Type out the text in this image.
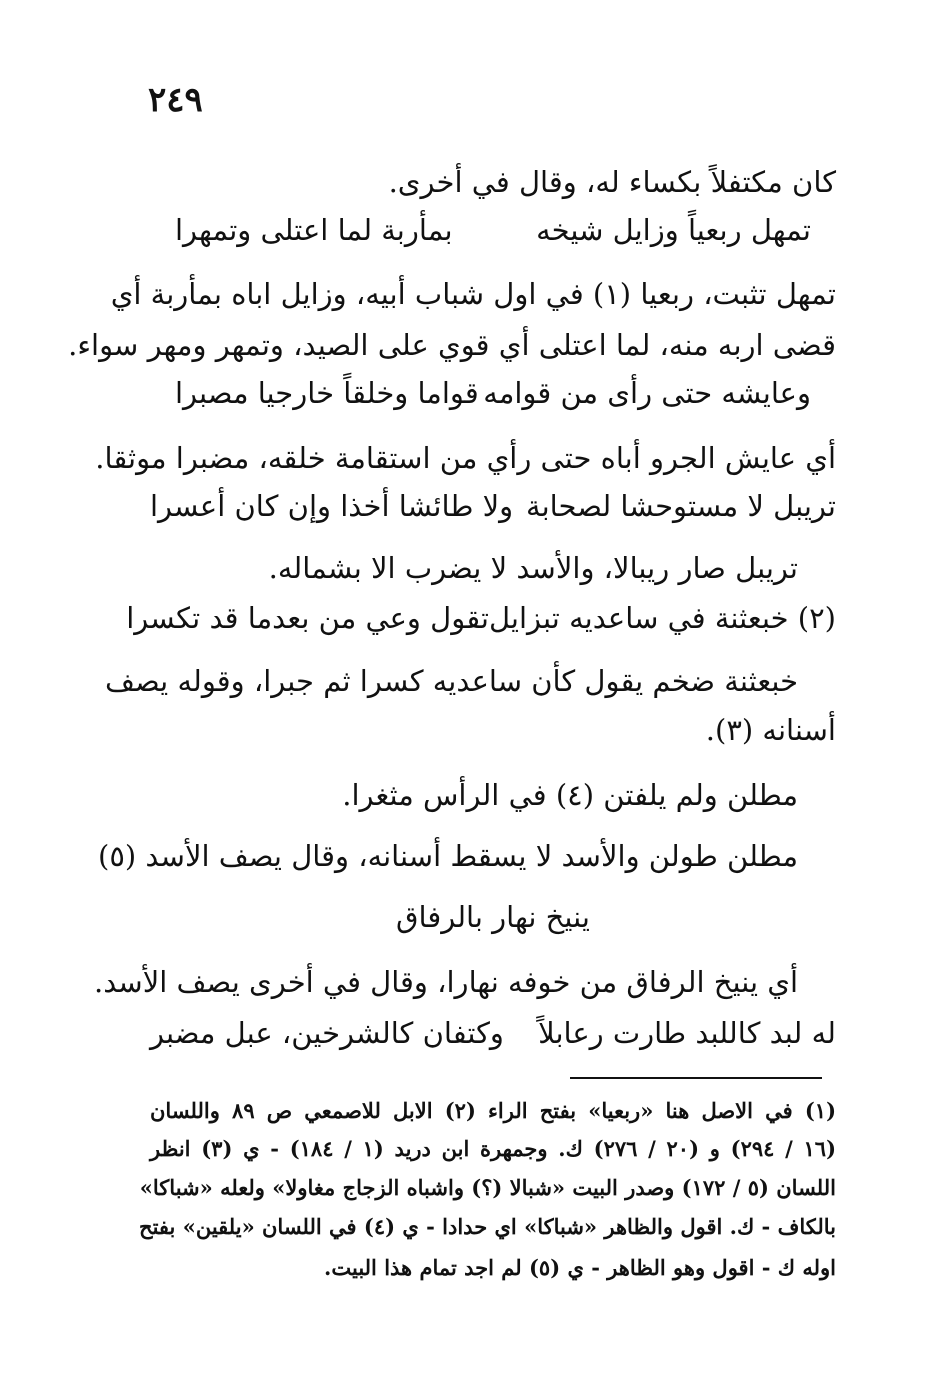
٢٤٩
كان مكتفلاً بكساء له، وقال في أخرى.
تمهل ربعياً وزايل شيخه
بمأربة لما اعتلى وتمهرا
تمهل تثبت، ربعيا (١) في اول شباب أبيه، وزايل اباه بمأربة أي
قضى اربه منه، لما اعتلى أي قوي على الصيد، وتمهر ومهر سواء.
وعايشه حتى رأى من قوامه
قواما وخلقاً خارجيا مصبرا
أي عايش الجرو أباه حتى رأي من استقامة خلقه، مضبرا موثقا.
تريبل لا مستوحشا لصحابة
ولا طائشا أخذا وإن كان أعسرا
تريبل صار ريبالا، والأسد لا يضرب الا بشماله.
(٢) خبعثنة في ساعديه تبزايل
تقول وعي من بعدما قد تكسرا
خبعثنة ضخم يقول كأن ساعديه كسرا ثم جبرا، وقوله يصف
أسنانه (٣).
مطلن ولم يلفتن (٤) في الرأس مثغرا.
مطلن طولن والأسد لا يسقط أسنانه، وقال يصف الأسد (٥)
ينيخ نهار بالرفاق
أي ينيخ الرفاق من خوفه نهارا، وقال في أخرى يصف الأسد.
له لبد كاللبد طارت رعابلاً
وكتفان كالشرخين، عبل مضبر
(١) في الاصل هنا «ربعيا» بفتح الراء (٢) الابل للاصمعي ص ٨٩ واللسان
(١٦ / ٢٩٤) و (٢٠ / ٢٧٦) ك. وجمهرة ابن دريد (١ / ١٨٤) - ي (٣) انظر
اللسان (٥ / ١٧٢) وصدر البيت «شبالا (؟) واشباه الزجاج مغاولا» ولعله «شباكا»
بالكاف - ك. اقول والظاهر «شباكا» اي حدادا - ي (٤) في اللسان «يلقين» بفتح
اوله ك - اقول وهو الظاهر - ي (٥) لم اجد تمام هذا البيت.
